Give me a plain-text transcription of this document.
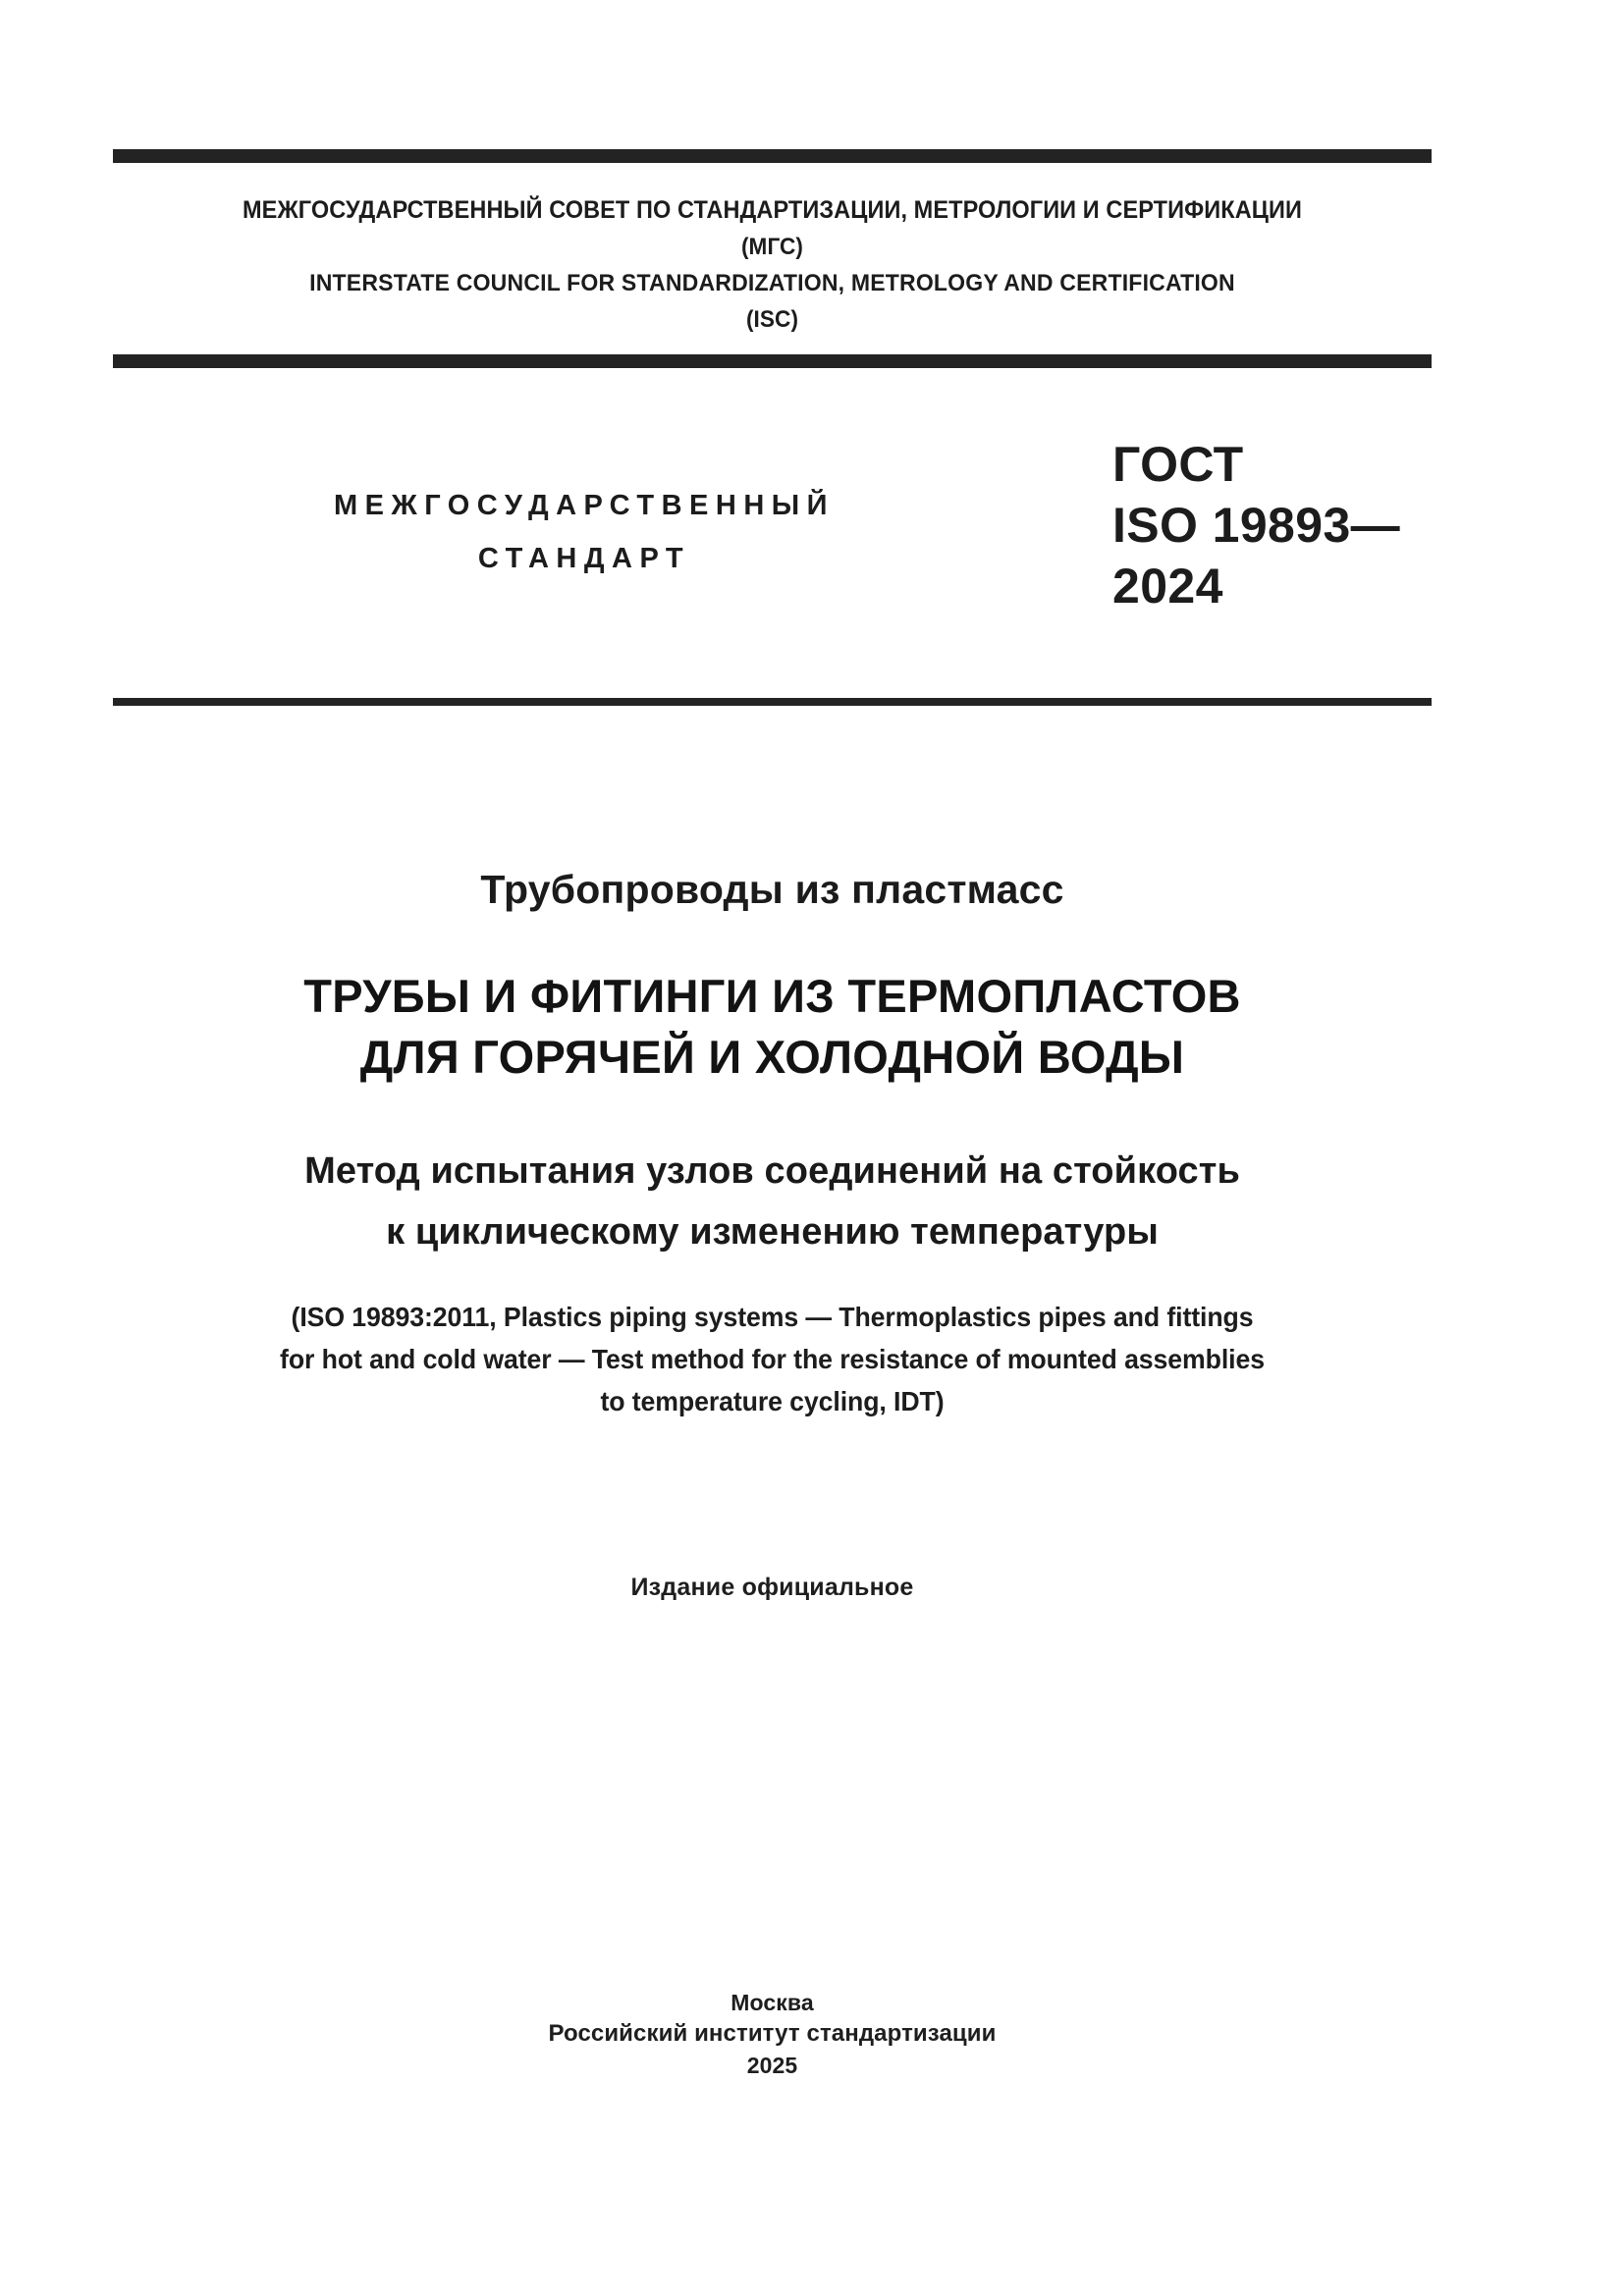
МЕЖГОСУДАРСТВЕННЫЙ СОВЕТ ПО СТАНДАРТИЗАЦИИ, МЕТРОЛОГИИ И СЕРТИФИКАЦИИ
(МГС)
INTERSTATE COUNCIL FOR STANDARDIZATION, METROLOGY AND CERTIFICATION
(ISC)
МЕЖГОСУДАРСТВЕННЫЙ
СТАНДАРТ
ГОСТ
ISO 19893—
2024
Трубопроводы из пластмасс
ТРУБЫ И ФИТИНГИ ИЗ ТЕРМОПЛАСТОВ
ДЛЯ ГОРЯЧЕЙ И ХОЛОДНОЙ ВОДЫ
Метод испытания узлов соединений на стойкость
к циклическому изменению температуры
(ISO 19893:2011, Plastics piping systems — Thermoplastics pipes and fittings
for hot and cold water — Test method for the resistance of mounted assemblies
to temperature cycling, IDT)
Издание официальное
Москва
Российский институт стандартизации
2025
